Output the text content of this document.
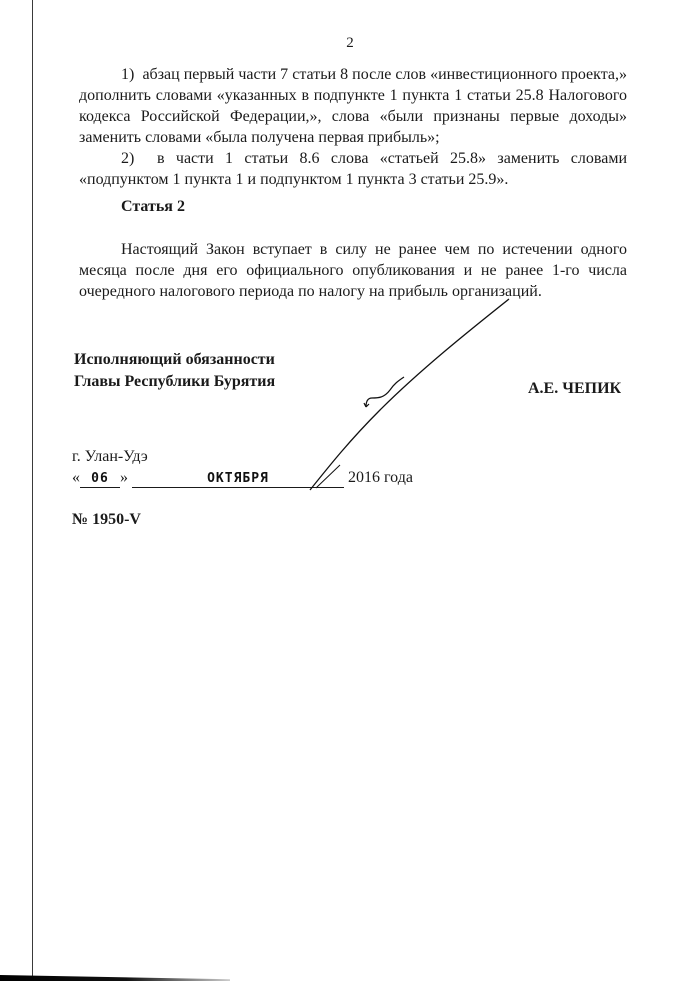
2

1) абзац первый части 7 статьи 8 после слов «инвестиционного проекта,» дополнить словами «указанных в подпункте 1 пункта 1 статьи 25.8 Налогового кодекса Российской Федерации,», слова «были признаны первые доходы» заменить словами «была получена первая прибыль»;

2) в части 1 статьи 8.6 слова «статьей 25.8» заменить словами «подпунктом 1 пункта 1 и подпунктом 1 пункта 3 статьи 25.9».

Статья 2

Настоящий Закон вступает в силу не ранее чем по истечении одного месяца после дня его официального опубликования и не ранее 1-го числа очередного налогового периода по налогу на прибыль организаций.

Исполняющий обязанности
Главы Республики Бурятия	А.Е. ЧЕПИК
г. Улан-Удэ
« 06 »	ОКТЯБРЯ	2016 года
№ 1950-V
